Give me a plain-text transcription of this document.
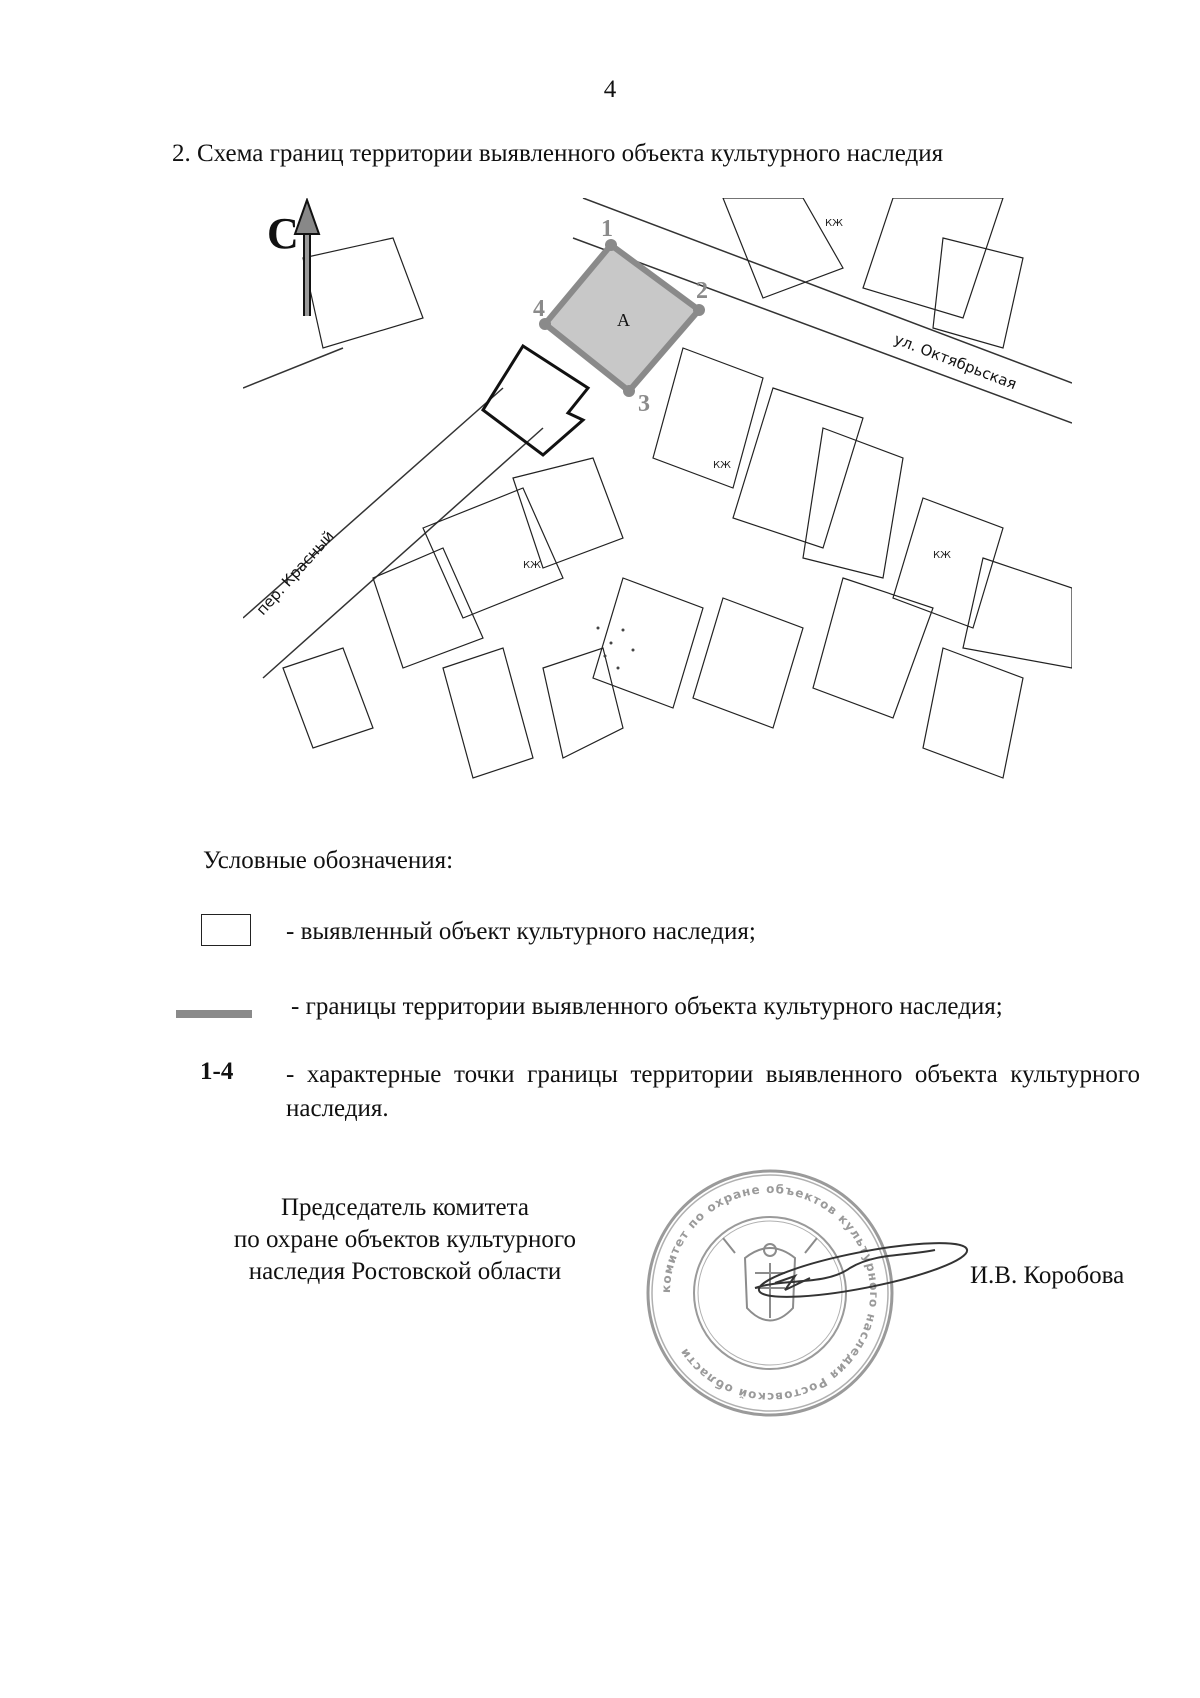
4
2. Схема границ территории выявленного объекта культурного наследия
КЖ
КЖ
КЖ
КЖ
1
2
3
4	А
ул. Октябрьская
пер. Красный
С
Условные обозначения:
- выявленный объект культурного наследия;
- границы территории выявленного объекта культурного наследия;
1-4 - характерные точки границы территории выявленного объекта культурного наследия.
Председатель комитета
по охране объектов культурного
наследия Ростовской области
комитет по охране объектов культурного наследия Ростовской области
И.В. Коробова
